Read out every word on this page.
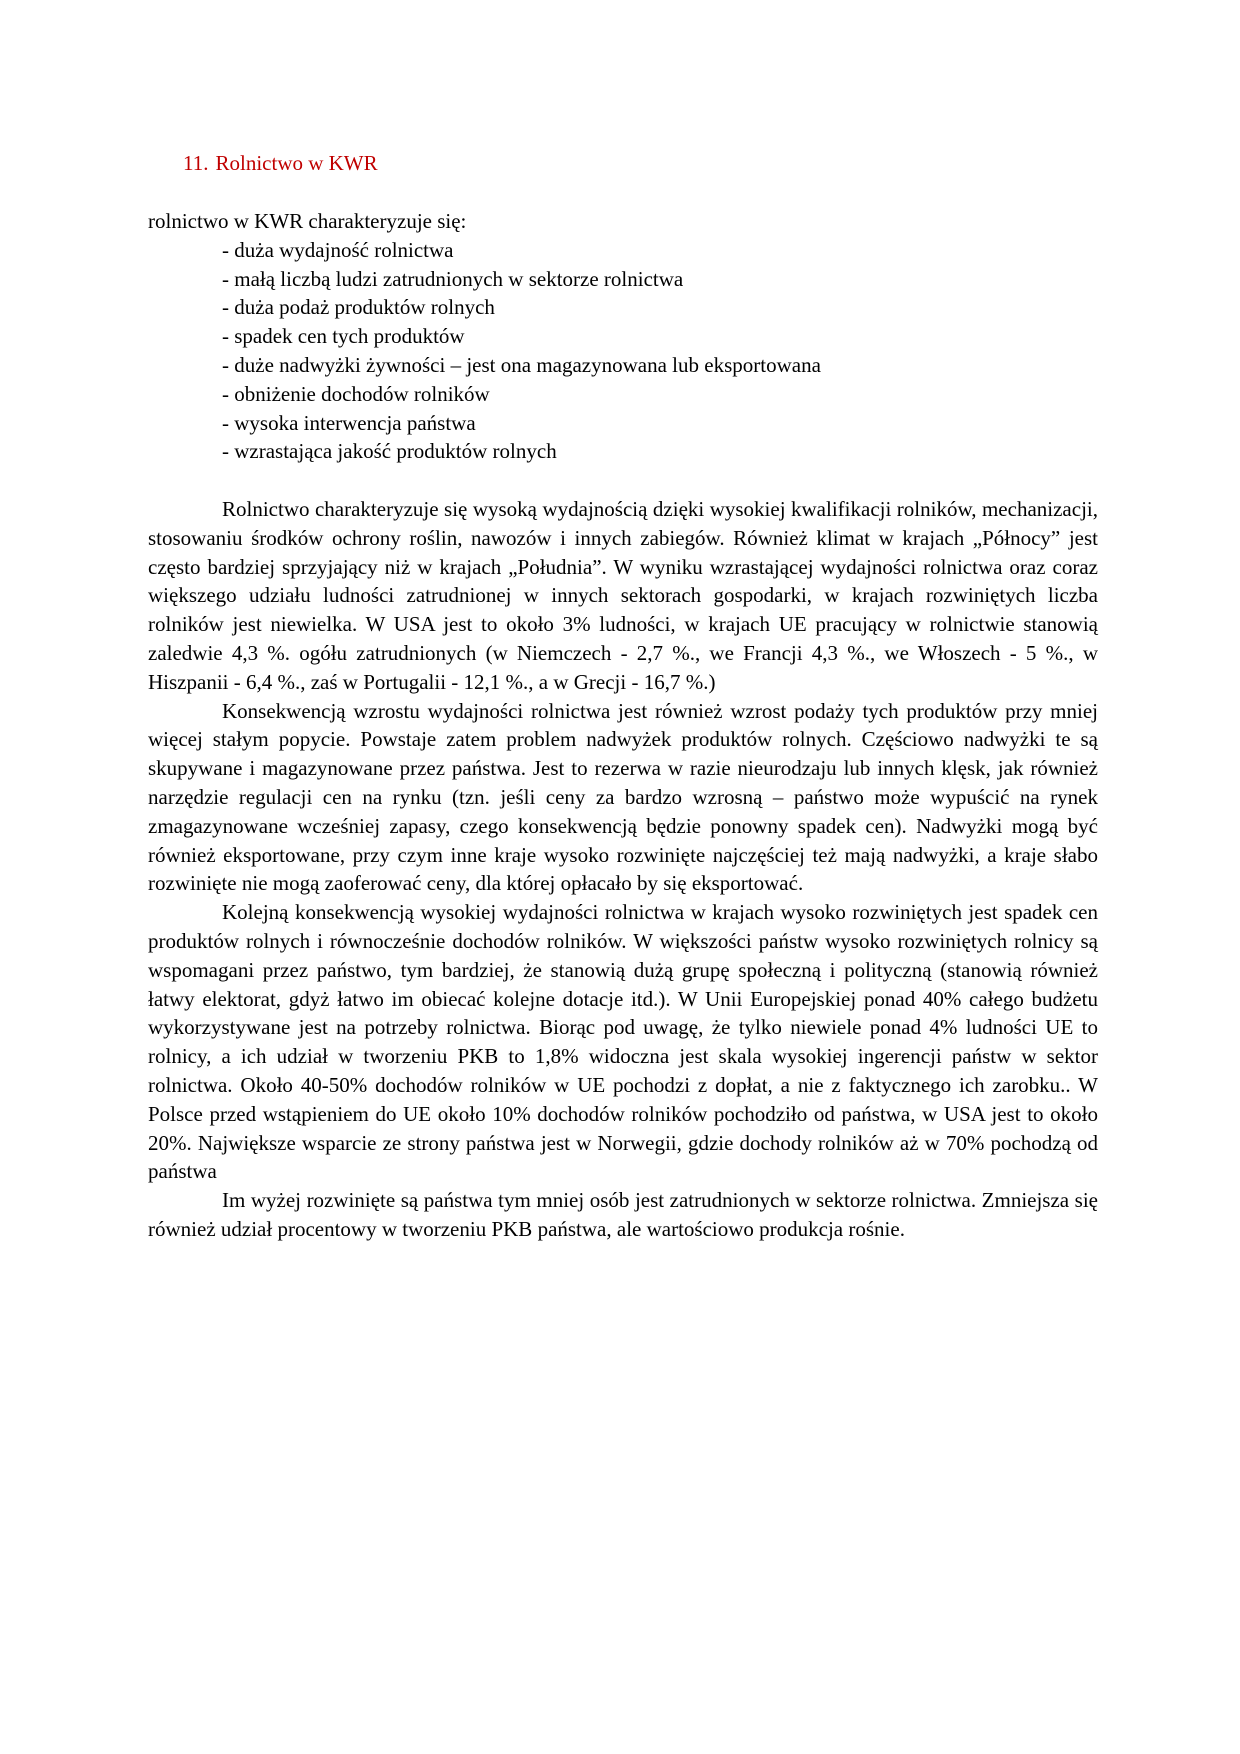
11. Rolnictwo w KWR

rolnictwo w KWR charakteryzuje się:

- duża wydajność rolnictwa
- małą liczbą ludzi zatrudnionych w sektorze rolnictwa
- duża podaż produktów rolnych
- spadek cen tych produktów
- duże nadwyżki żywności – jest ona magazynowana lub eksportowana
- obniżenie dochodów rolników
- wysoka interwencja państwa
- wzrastająca jakość produktów rolnych

Rolnictwo charakteryzuje się wysoką wydajnością dzięki wysokiej kwalifikacji rolników, mechanizacji, stosowaniu środków ochrony roślin, nawozów i innych zabiegów. Również klimat w krajach „Północy” jest często bardziej sprzyjający niż w krajach „Południa”. W wyniku wzrastającej wydajności rolnictwa oraz coraz większego udziału ludności zatrudnionej w innych sektorach gospodarki, w krajach rozwiniętych liczba rolników jest niewielka. W USA jest to około 3% ludności, w krajach UE pracujący w rolnictwie stanowią zaledwie 4,3 %. ogółu zatrudnionych (w Niemczech - 2,7 %., we Francji 4,3 %., we Włoszech - 5 %., w Hiszpanii - 6,4 %., zaś w Portugalii - 12,1 %., a w Grecji - 16,7 %.)

Konsekwencją wzrostu wydajności rolnictwa jest również wzrost podaży tych produktów przy mniej więcej stałym popycie. Powstaje zatem problem nadwyżek produktów rolnych. Częściowo nadwyżki te są skupywane i magazynowane przez państwa. Jest to rezerwa w razie nieurodzaju lub innych klęsk, jak również narzędzie regulacji cen na rynku (tzn. jeśli ceny za bardzo wzrosną – państwo może wypuścić na rynek zmagazynowane wcześniej zapasy, czego konsekwencją będzie ponowny spadek cen). Nadwyżki mogą być również eksportowane, przy czym inne kraje wysoko rozwinięte najczęściej też mają nadwyżki, a kraje słabo rozwinięte nie mogą zaoferować ceny, dla której opłacało by się eksportować.

Kolejną konsekwencją wysokiej wydajności rolnictwa w krajach wysoko rozwiniętych jest spadek cen produktów rolnych i równocześnie dochodów rolników. W większości państw wysoko rozwiniętych rolnicy są wspomagani przez państwo, tym bardziej, że stanowią dużą grupę społeczną i polityczną (stanowią również łatwy elektorat, gdyż łatwo im obiecać kolejne dotacje itd.). W Unii Europejskiej ponad 40% całego budżetu wykorzystywane jest na potrzeby rolnictwa. Biorąc pod uwagę, że tylko niewiele ponad 4% ludności UE to rolnicy, a ich udział w tworzeniu PKB to 1,8% widoczna jest skala wysokiej ingerencji państw w sektor rolnictwa. Około 40-50% dochodów rolników w UE pochodzi z dopłat, a nie z faktycznego ich zarobku.. W Polsce przed wstąpieniem do UE około 10% dochodów rolników pochodziło od państwa, w USA jest to około 20%. Największe wsparcie ze strony państwa jest w Norwegii, gdzie dochody rolników aż w 70% pochodzą od państwa

Im wyżej rozwinięte są państwa tym mniej osób jest zatrudnionych w sektorze rolnictwa. Zmniejsza się również udział procentowy w tworzeniu PKB państwa, ale wartościowo produkcja rośnie.
